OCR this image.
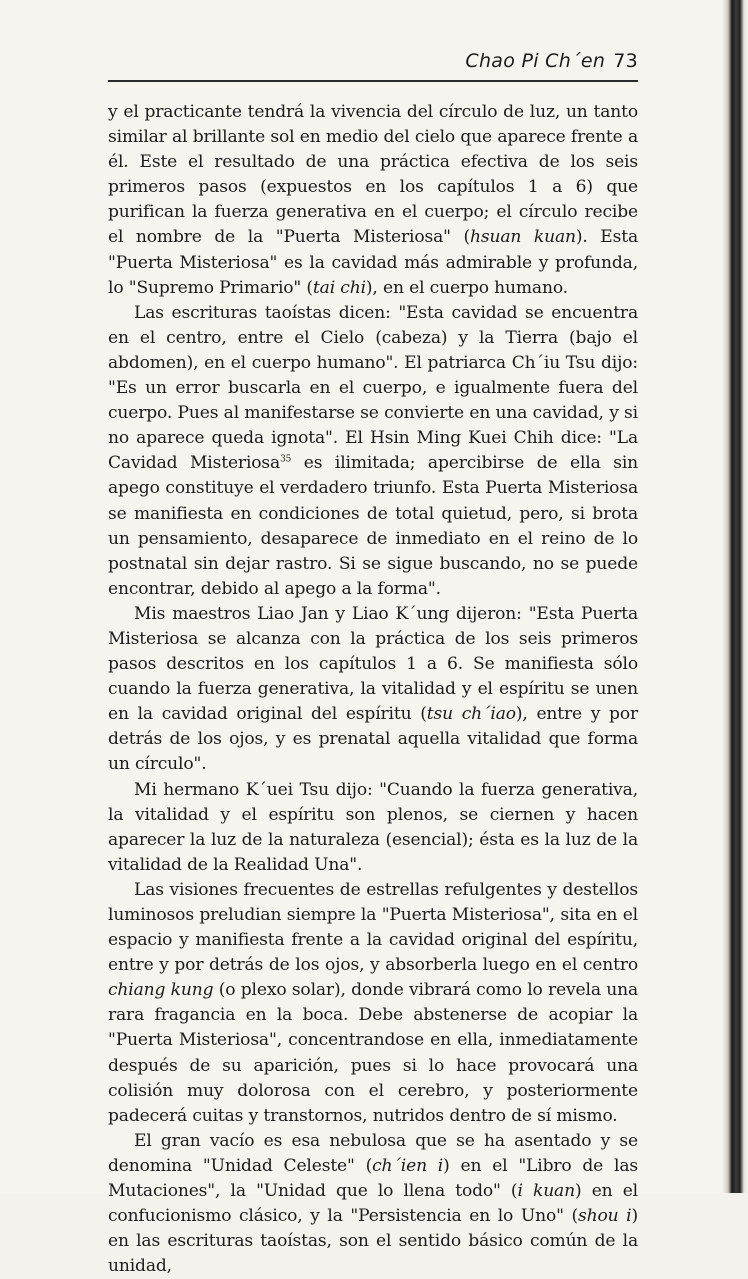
Chao Pi Ch´en 73

y el practicante tendrá la vivencia del círculo de luz, un tanto similar al brillante sol en medio del cielo que aparece frente a él. Este el resultado de una práctica efectiva de los seis primeros pasos (expuestos en los capítulos 1 a 6) que purifican la fuerza generativa en el cuerpo; el círculo recibe el nombre de la "Puerta Misteriosa" (hsuan kuan). Esta "Puerta Misteriosa" es la cavidad más admirable y profunda, lo "Supremo Primario" (tai chi), en el cuerpo humano.

Las escrituras taoístas dicen: "Esta cavidad se encuentra en el centro, entre el Cielo (cabeza) y la Tierra (bajo el abdomen), en el cuerpo humano". El patriarca Ch´iu Tsu dijo: "Es un error buscarla en el cuerpo, e igualmente fuera del cuerpo. Pues al manifestarse se convierte en una cavidad, y si no aparece queda ignota". El Hsin Ming Kuei Chih dice: "La Cavidad Misteriosa$^{35}$ es ilimitada; apercibirse de ella sin apego constituye el verdadero triunfo. Esta Puerta Misteriosa se manifiesta en condiciones de total quietud, pero, si brota un pensamiento, desaparece de inmediato en el reino de lo postnatal sin dejar rastro. Si se sigue buscando, no se puede encontrar, debido al apego a la forma".

Mis maestros Liao Jan y Liao K´ung dijeron: "Esta Puerta Misteriosa se alcanza con la práctica de los seis primeros pasos descritos en los capítulos 1 a 6. Se manifiesta sólo cuando la fuerza generativa, la vitalidad y el espíritu se unen en la cavidad original del espíritu (tsu ch´iao), entre y por detrás de los ojos, y es prenatal aquella vitalidad que forma un círculo".

Mi hermano K´uei Tsu dijo: "Cuando la fuerza generativa, la vitalidad y el espíritu son plenos, se ciernen y hacen aparecer la luz de la naturaleza (esencial); ésta es la luz de la vitalidad de la Realidad Una".

Las visiones frecuentes de estrellas refulgentes y destellos luminosos preludian siempre la "Puerta Misteriosa", sita en el espacio y manifiesta frente a la cavidad original del espíritu, entre y por detrás de los ojos, y absorberla luego en el centro chiang kung (o plexo solar), donde vibrará como lo revela una rara fragancia en la boca. Debe abstenerse de acopiar la "Puerta Misteriosa", concentrandose en ella, inmediatamente después de su aparición, pues si lo hace provocará una colisión muy dolorosa con el cerebro, y posteriormente padecerá cuitas y transtornos, nutridos dentro de sí mismo.

El gran vacío es esa nebulosa que se ha asentado y se denomina "Unidad Celeste" (ch´ien i) en el "Libro de las Mutaciones", la "Unidad que lo llena todo" (i kuan) en el confucionismo clásico, y la "Persistencia en lo Uno" (shou i) en las escrituras taoístas, son el sentido básico común de la unidad,
